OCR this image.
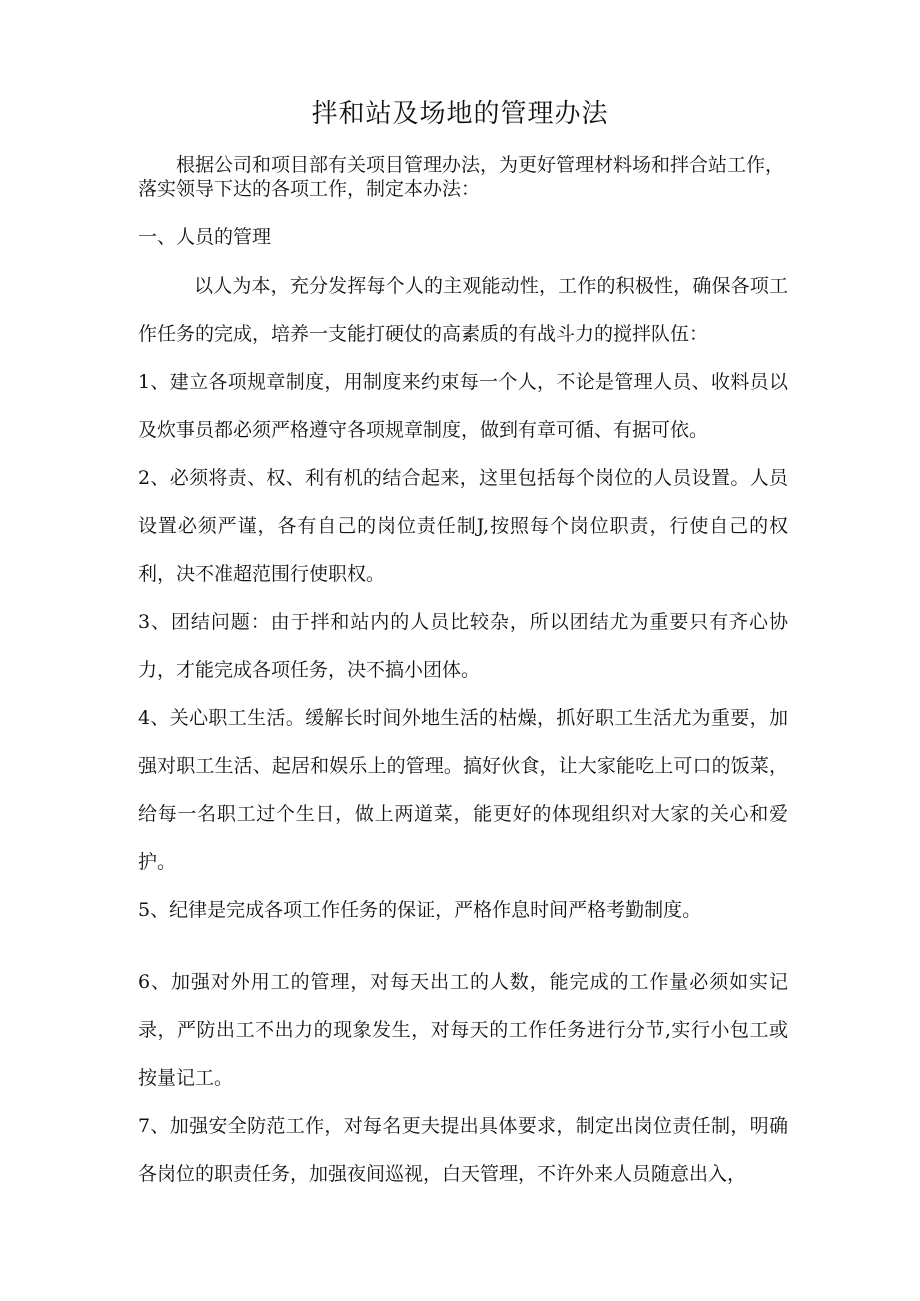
拌和站及场地的管理办法

根据公司和项目部有关项目管理办法，为更好管理材料场和拌合站工作，落实领导下达的各项工作，制定本办法：

一、人员的管理

以人为本，充分发挥每个人的主观能动性，工作的积极性，确保各项工作任务的完成，培养一支能打硬仗的高素质的有战斗力的搅拌队伍：

1、建立各项规章制度，用制度来约束每一个人，不论是管理人员、收料员以及炊事员都必须严格遵守各项规章制度，做到有章可循、有据可依。

2、必须将责、权、利有机的结合起来，这里包括每个岗位的人员设置。人员设置必须严谨，各有自己的岗位责任制J,按照每个岗位职责，行使自己的权利，决不准超范围行使职权。

3、团结问题：由于拌和站内的人员比较杂，所以团结尤为重要只有齐心协力，才能完成各项任务，决不搞小团体。

4、关心职工生活。缓解长时间外地生活的枯燥，抓好职工生活尤为重要，加强对职工生活、起居和娱乐上的管理。搞好伙食，让大家能吃上可口的饭菜，给每一名职工过个生日，做上两道菜，能更好的体现组织对大家的关心和爱护。

5、纪律是完成各项工作任务的保证，严格作息时间严格考勤制度。

6、加强对外用工的管理，对每天出工的人数，能完成的工作量必须如实记录，严防出工不出力的现象发生，对每天的工作任务进行分节,实行小包工或按量记工。

7、加强安全防范工作，对每名更夫提出具体要求，制定出岗位责任制，明确各岗位的职责任务，加强夜间巡视，白天管理，不许外来人员随意出入，
